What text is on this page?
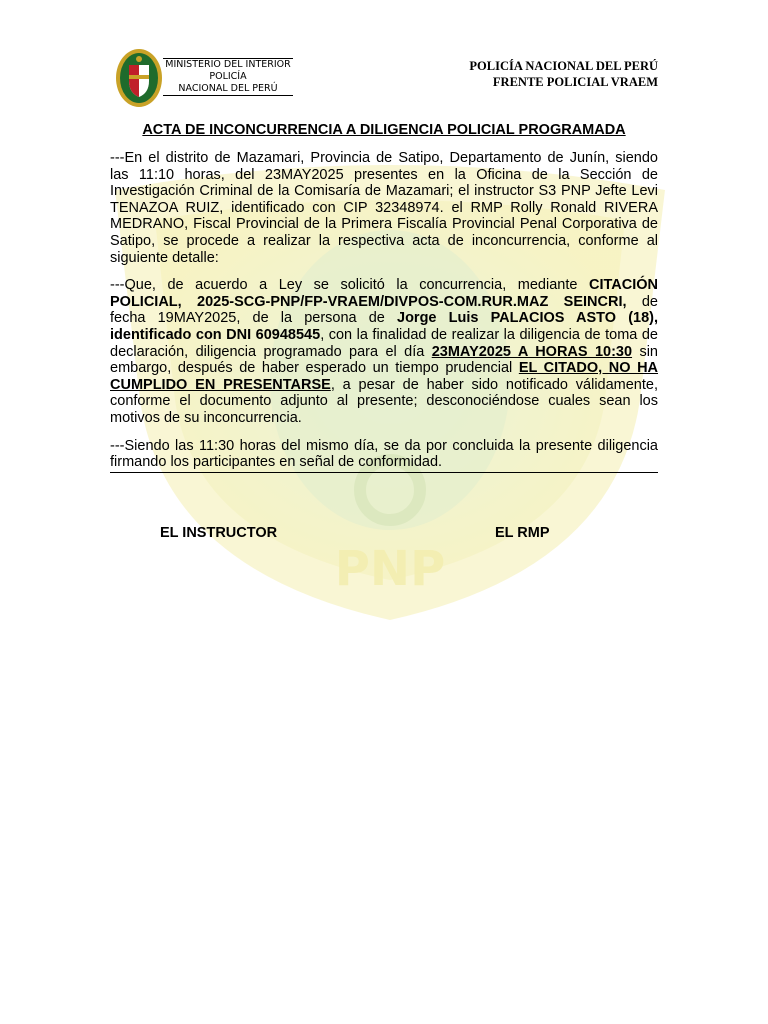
PNP
MINISTERIO DEL INTERIOR
POLICÍA
NACIONAL DEL PERÚ
POLICÍA NACIONAL DEL PERÚ
FRENTE POLICIAL VRAEM
ACTA DE INCONCURRENCIA A DILIGENCIA POLICIAL PROGRAMADA

---En el distrito de Mazamari, Provincia de Satipo, Departamento de Junín, siendo las 11:10 horas, del 23MAY2025 presentes en la Oficina de la Sección de Investigación Criminal de la Comisaría de Mazamari; el instructor S3 PNP Jefte Levi TENAZOA RUIZ, identificado con CIP 32348974. el RMP Rolly Ronald RIVERA MEDRANO, Fiscal Provincial de la Primera Fiscalía Provincial Penal Corporativa de Satipo, se procede a realizar la respectiva acta de inconcurrencia, conforme al siguiente detalle:

---Que, de acuerdo a Ley se solicitó la concurrencia, mediante CITACIÓN POLICIAL, 2025-SCG-PNP/FP-VRAEM/DIVPOS-COM.RUR.MAZ SEINCRI, de fecha 19MAY2025, de la persona de Jorge Luis PALACIOS ASTO (18), identificado con DNI 60948545, con la finalidad de realizar la diligencia de toma de declaración, diligencia programado para el día 23MAY2025 A HORAS 10:30 sin embargo, después de haber esperado un tiempo prudencial EL CITADO, NO HA CUMPLIDO EN PRESENTARSE, a pesar de haber sido notificado válidamente, conforme el documento adjunto al presente; desconociéndose cuales sean los motivos de su inconcurrencia.

---Siendo las 11:30 horas del mismo día, se da por concluida la presente diligencia firmando los participantes en señal de conformidad.

EL INSTRUCTOR	EL RMP
